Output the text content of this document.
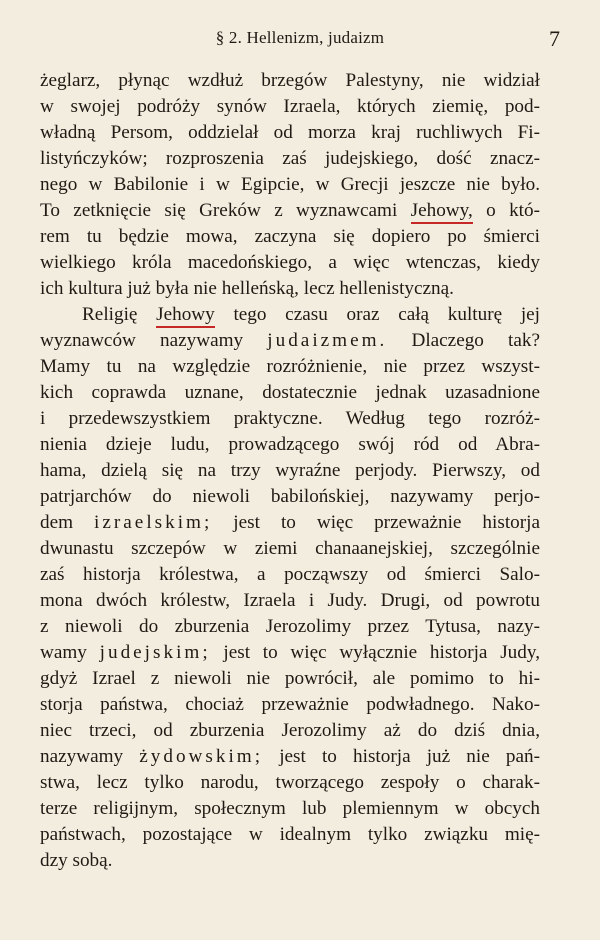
§ 2. Hellenizm, judaizm	7
żeglarz, płynąc wzdłuż brzegów Palestyny, nie widział
w swojej podróży synów Izraela, których ziemię, pod-
władną Persom, oddzielał od morza kraj ruchliwych Fi-
listyńczyków; rozproszenia zaś judejskiego, dość znacz-
nego w Babilonie i w Egipcie, w Grecji jeszcze nie było.
To zetknięcie się Greków z wyznawcami Jehowy, o któ-
rem tu będzie mowa, zaczyna się dopiero po śmierci
wielkiego króla macedońskiego, a więc wtenczas, kiedy
ich kultura już była nie helleńską, lecz hellenistyczną.
Religię Jehowy tego czasu oraz całą kulturę jej
wyznawców nazywamy judaizmem. Dlaczego tak?
Mamy tu na względzie rozróżnienie, nie przez wszyst-
kich coprawda uznane, dostatecznie jednak uzasadnione
i przedewszystkiem praktyczne. Według tego rozróż-
nienia dzieje ludu, prowadzącego swój ród od Abra-
hama, dzielą się na trzy wyraźne perjody. Pierwszy, od
patrjarchów do niewoli babilońskiej, nazywamy perjo-
dem izraelskim; jest to więc przeważnie historja
dwunastu szczepów w ziemi chanaanejskiej, szczególnie
zaś historja królestwa, a począwszy od śmierci Salo-
mona dwóch królestw, Izraela i Judy. Drugi, od powrotu
z niewoli do zburzenia Jerozolimy przez Tytusa, nazy-
wamy judejskim; jest to więc wyłącznie historja Judy,
gdyż Izrael z niewoli nie powrócił, ale pomimo to hi-
storja państwa, chociaż przeważnie podwładnego. Nako-
niec trzeci, od zburzenia Jerozolimy aż do dziś dnia,
nazywamy żydowskim; jest to historja już nie pań-
stwa, lecz tylko narodu, tworzącego zespoły o charak-
terze religijnym, społecznym lub plemiennym w obcych
państwach, pozostające w idealnym tylko związku mię-
dzy sobą.
